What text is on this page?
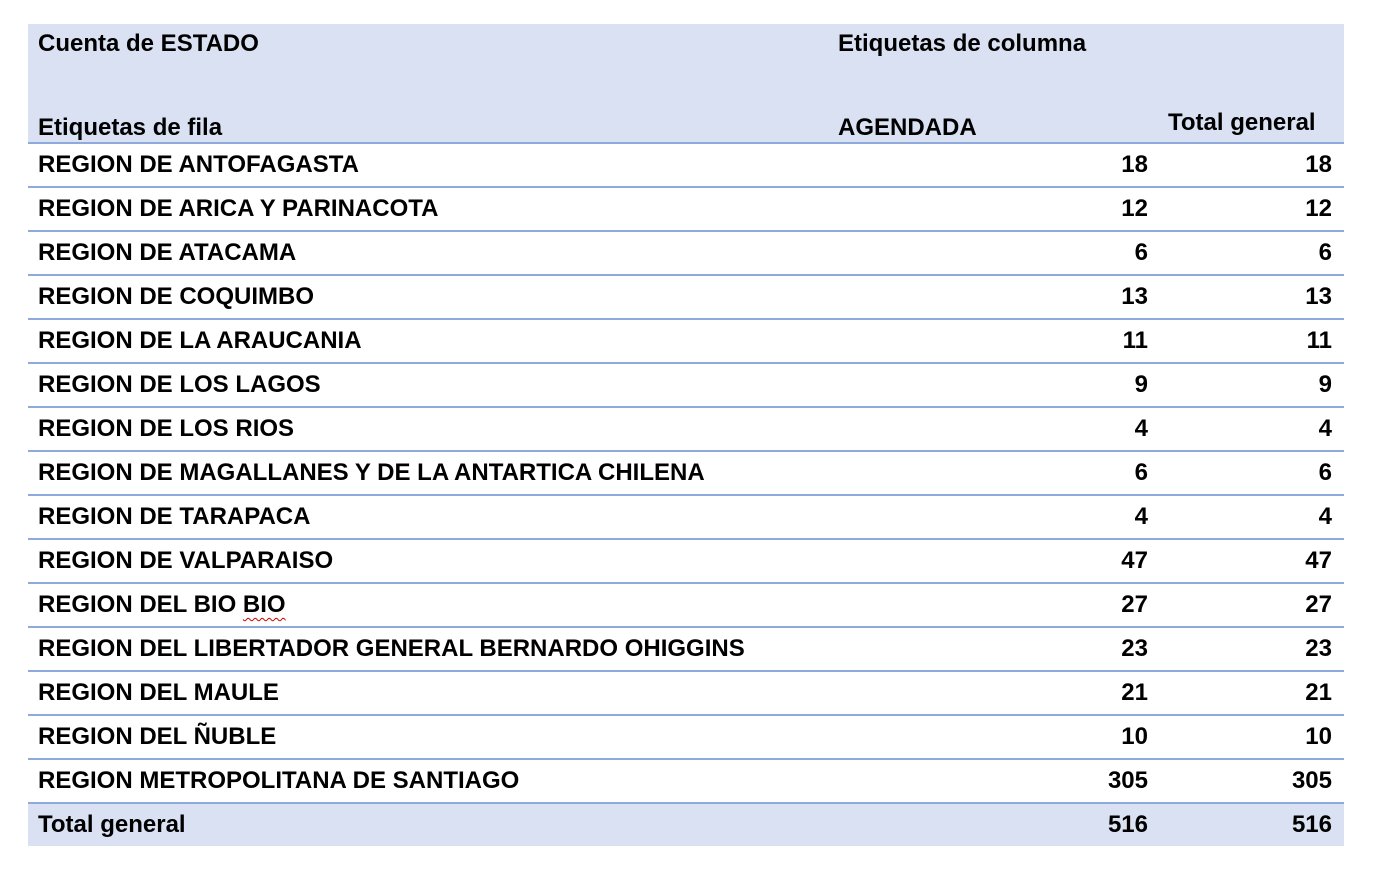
Cuenta de ESTADO	Etiquetas de columna	
Etiquetas de fila	AGENDADA	Total general
REGION DE ANTOFAGASTA	18	18
REGION DE ARICA Y PARINACOTA	12	12
REGION DE ATACAMA	6	6
REGION DE COQUIMBO	13	13
REGION DE LA ARAUCANIA	11	11
REGION DE LOS LAGOS	9	9
REGION DE LOS RIOS	4	4
REGION DE MAGALLANES Y DE LA ANTARTICA CHILENA	6	6
REGION DE TARAPACA	4	4
REGION DE VALPARAISO	47	47
REGION DEL BIO BIO	27	27
REGION DEL LIBERTADOR GENERAL BERNARDO OHIGGINS	23	23
REGION DEL MAULE	21	21
REGION DEL ÑUBLE	10	10
REGION METROPOLITANA DE SANTIAGO	305	305
Total general	516	516
